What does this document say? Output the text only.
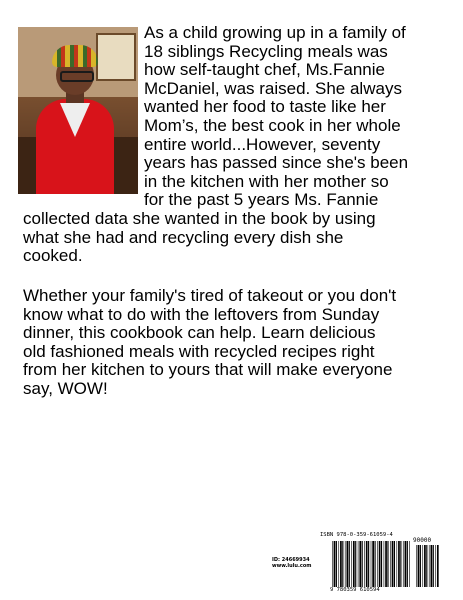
As a child growing up in a family of
18 siblings Recycling meals was
how self-taught chef, Ms.Fannie
McDaniel, was raised. She always
wanted her food to taste like her
Mom’s, the best cook in her whole
entire world...However, seventy
years has passed since she's been
in the kitchen with her mother so
for the past 5 years Ms. Fannie
collected data she wanted in the book by using
what she had and recycling every dish she
cooked.

Whether your family's tired of takeout or you don't
know what to do with the leftovers from Sunday
dinner, this cookbook can help. Learn delicious
old fashioned meals with recycled recipes right
from her kitchen to yours that will make everyone
say, WOW!

ID: 24669934
www.lulu.com
ISBN 978-0-359-61059-4
90000
9 780359 610594
